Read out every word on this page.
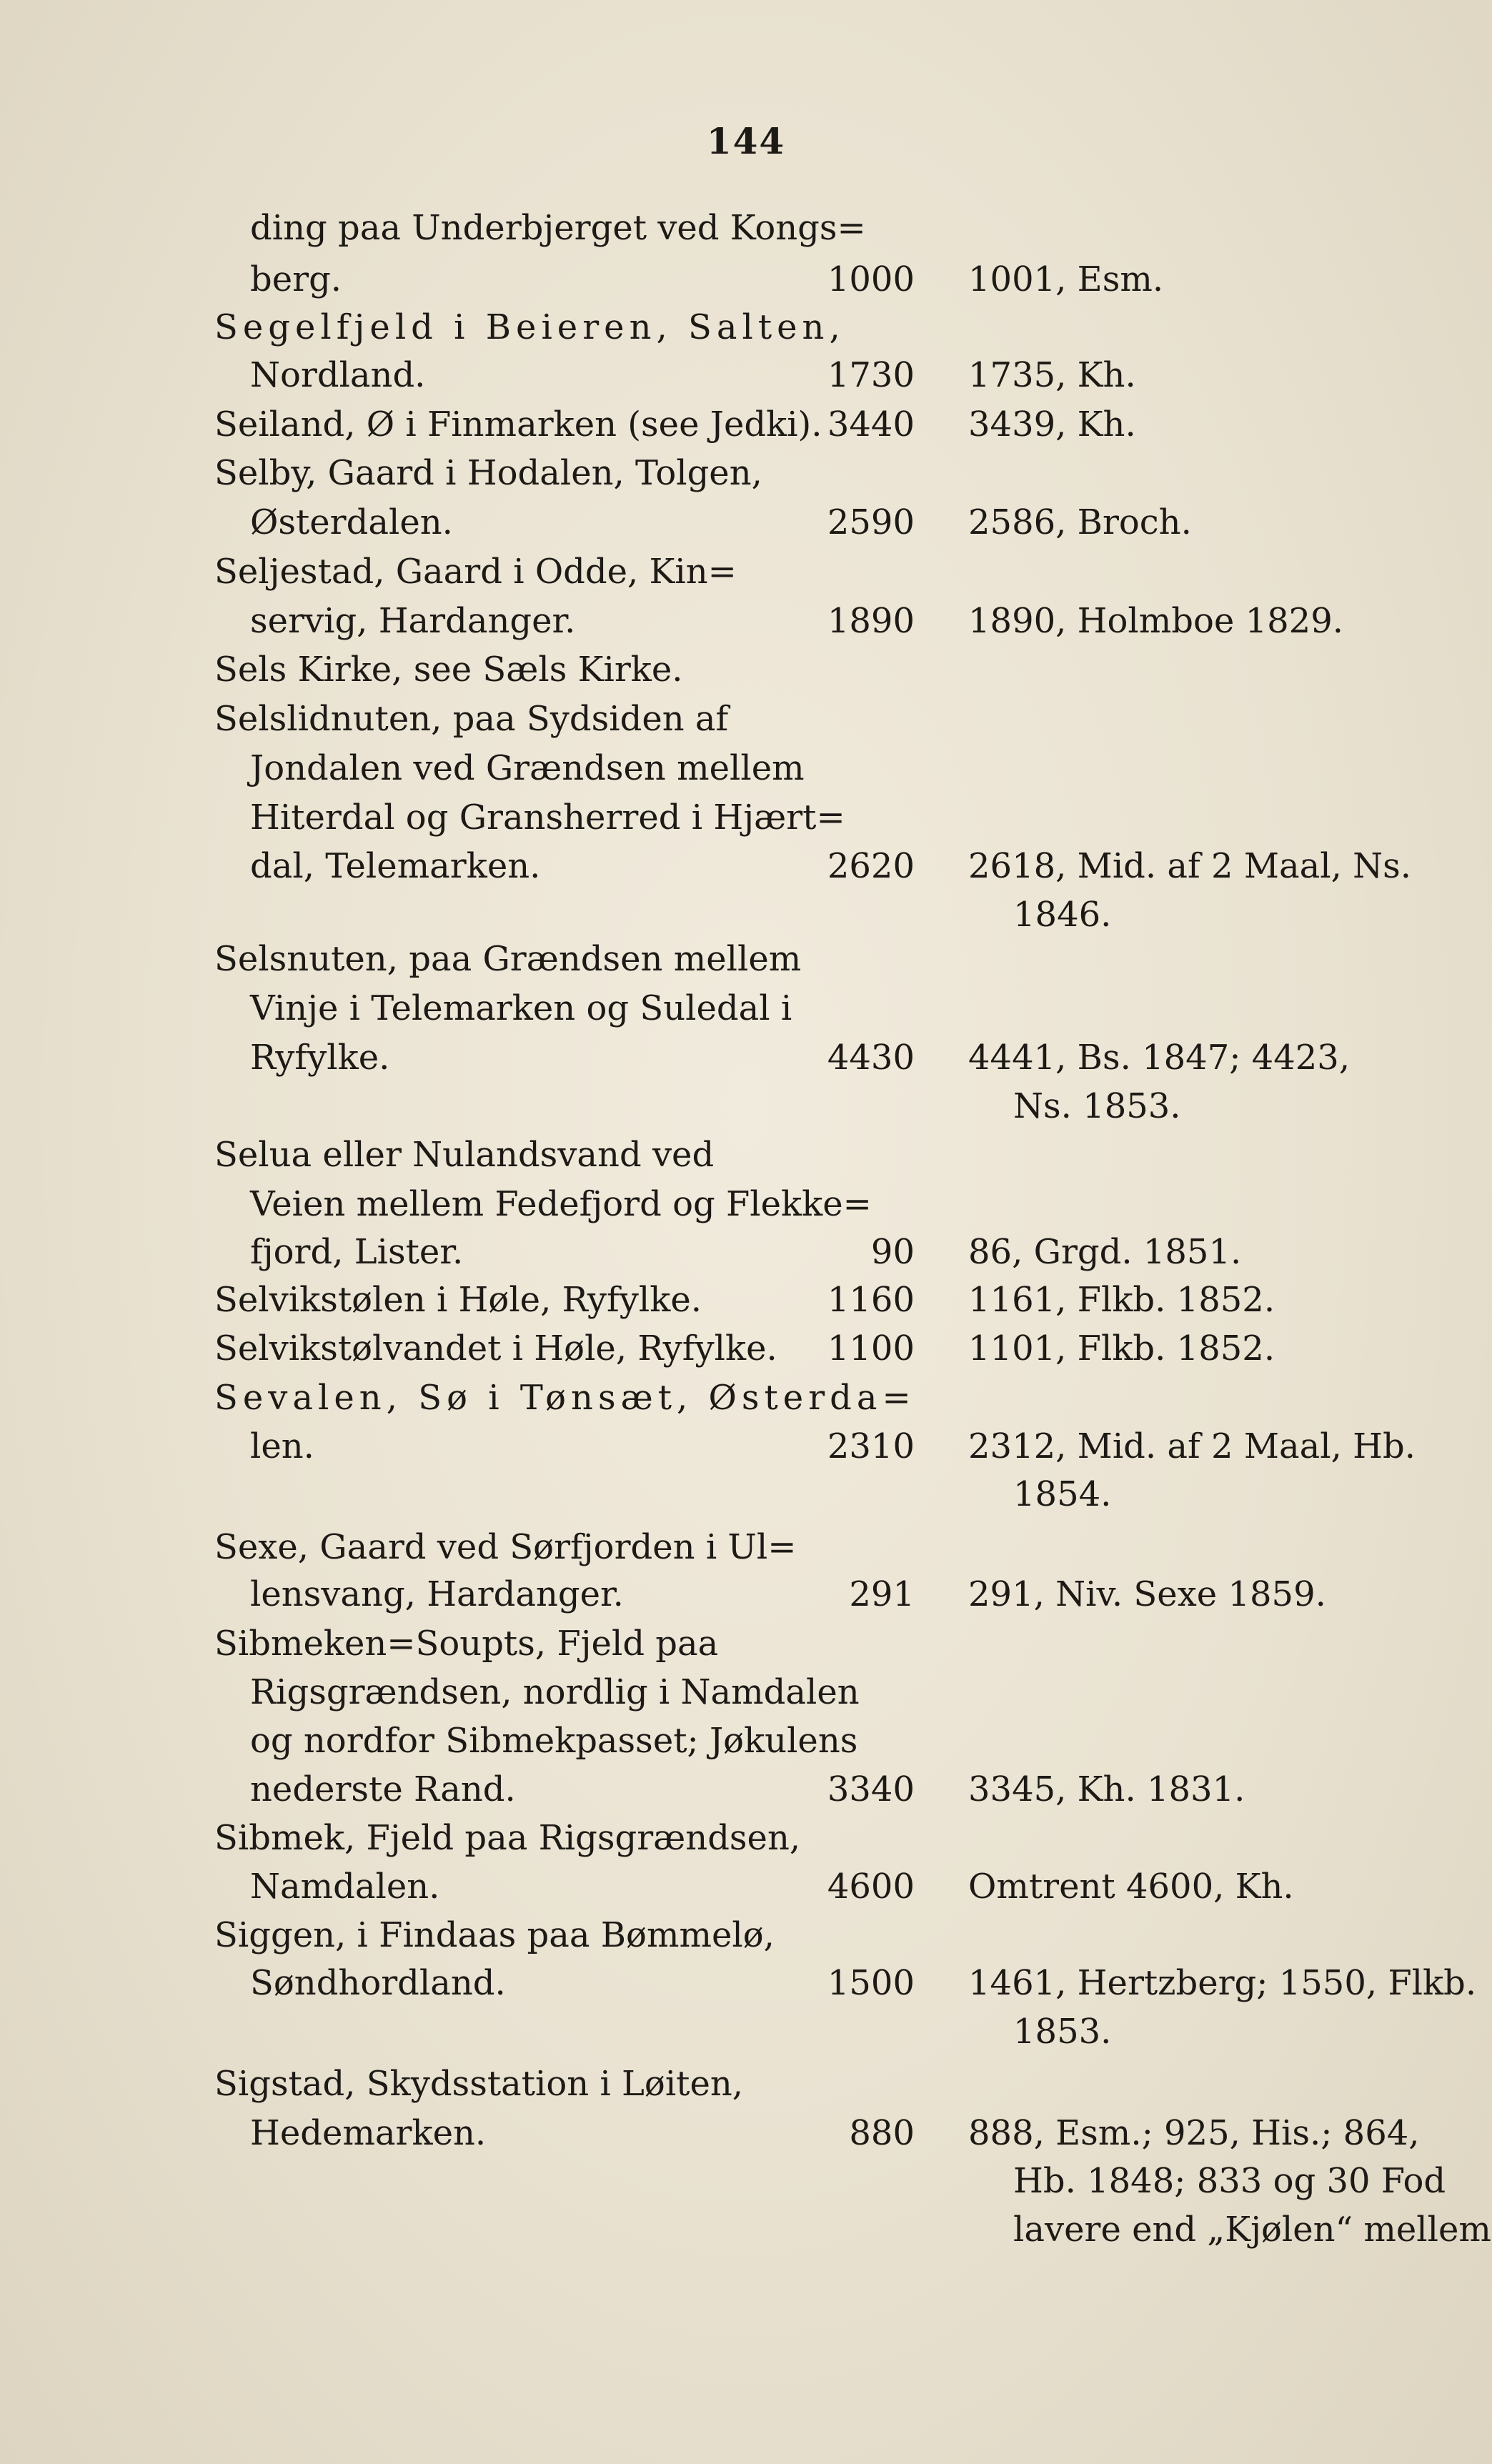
144
ding paa Underbjerget ved Kongs=
berg.	1000 1001, Esm.
Segelfjeld i Beieren, Salten,
Nordland.	1730 1735, Kh.
Seiland, Ø i Finmarken (see Jedki). 3440 3439, Kh.
Selby, Gaard i Hodalen, Tolgen,
Østerdalen.	2590 2586, Broch.
Seljestad, Gaard i Odde, Kin=
servig, Hardanger.	1890 1890, Holmboe 1829.
Sels Kirke, see Sæls Kirke.
Selslidnuten, paa Sydsiden af
Jondalen ved Grændsen mellem
Hiterdal og Gransherred i Hjært=
dal, Telemarken.	2620 2618, Mid. af 2 Maal, Ns.
1846.
Selsnuten, paa Grændsen mellem
Vinje i Telemarken og Suledal i
Ryfylke.	4430 4441, Bs. 1847; 4423,
Ns. 1853.
Selua eller Nulandsvand ved
Veien mellem Fedefjord og Flekke=
fjord, Lister.	90 86, Grgd. 1851.
Selvikstølen i Høle, Ryfylke.	1160 1161, Flkb. 1852.
Selvikstølvandet i Høle, Ryfylke.	1100 1101, Flkb. 1852.
Sevalen, Sø i Tønsæt, Østerda=
len.	2310 2312, Mid. af 2 Maal, Hb.
1854.
Sexe, Gaard ved Sørfjorden i Ul=
lensvang, Hardanger.	291 291, Niv. Sexe 1859.
Sibmeken=Soupts, Fjeld paa
Rigsgrændsen, nordlig i Namdalen
og nordfor Sibmekpasset; Jøkulens
nederste Rand.	3340 3345, Kh. 1831.
Sibmek, Fjeld paa Rigsgrændsen,
Namdalen.	4600 Omtrent 4600, Kh.
Siggen, i Findaas paa Bømmelø,
Søndhordland.	1500 1461, Hertzberg; 1550, Flkb.
1853.
Sigstad, Skydsstation i Løiten,
Hedemarken.	880 888, Esm.; 925, His.; 864,
Hb. 1848; 833 og 30 Fod
lavere end „Kjølen“ mellem
